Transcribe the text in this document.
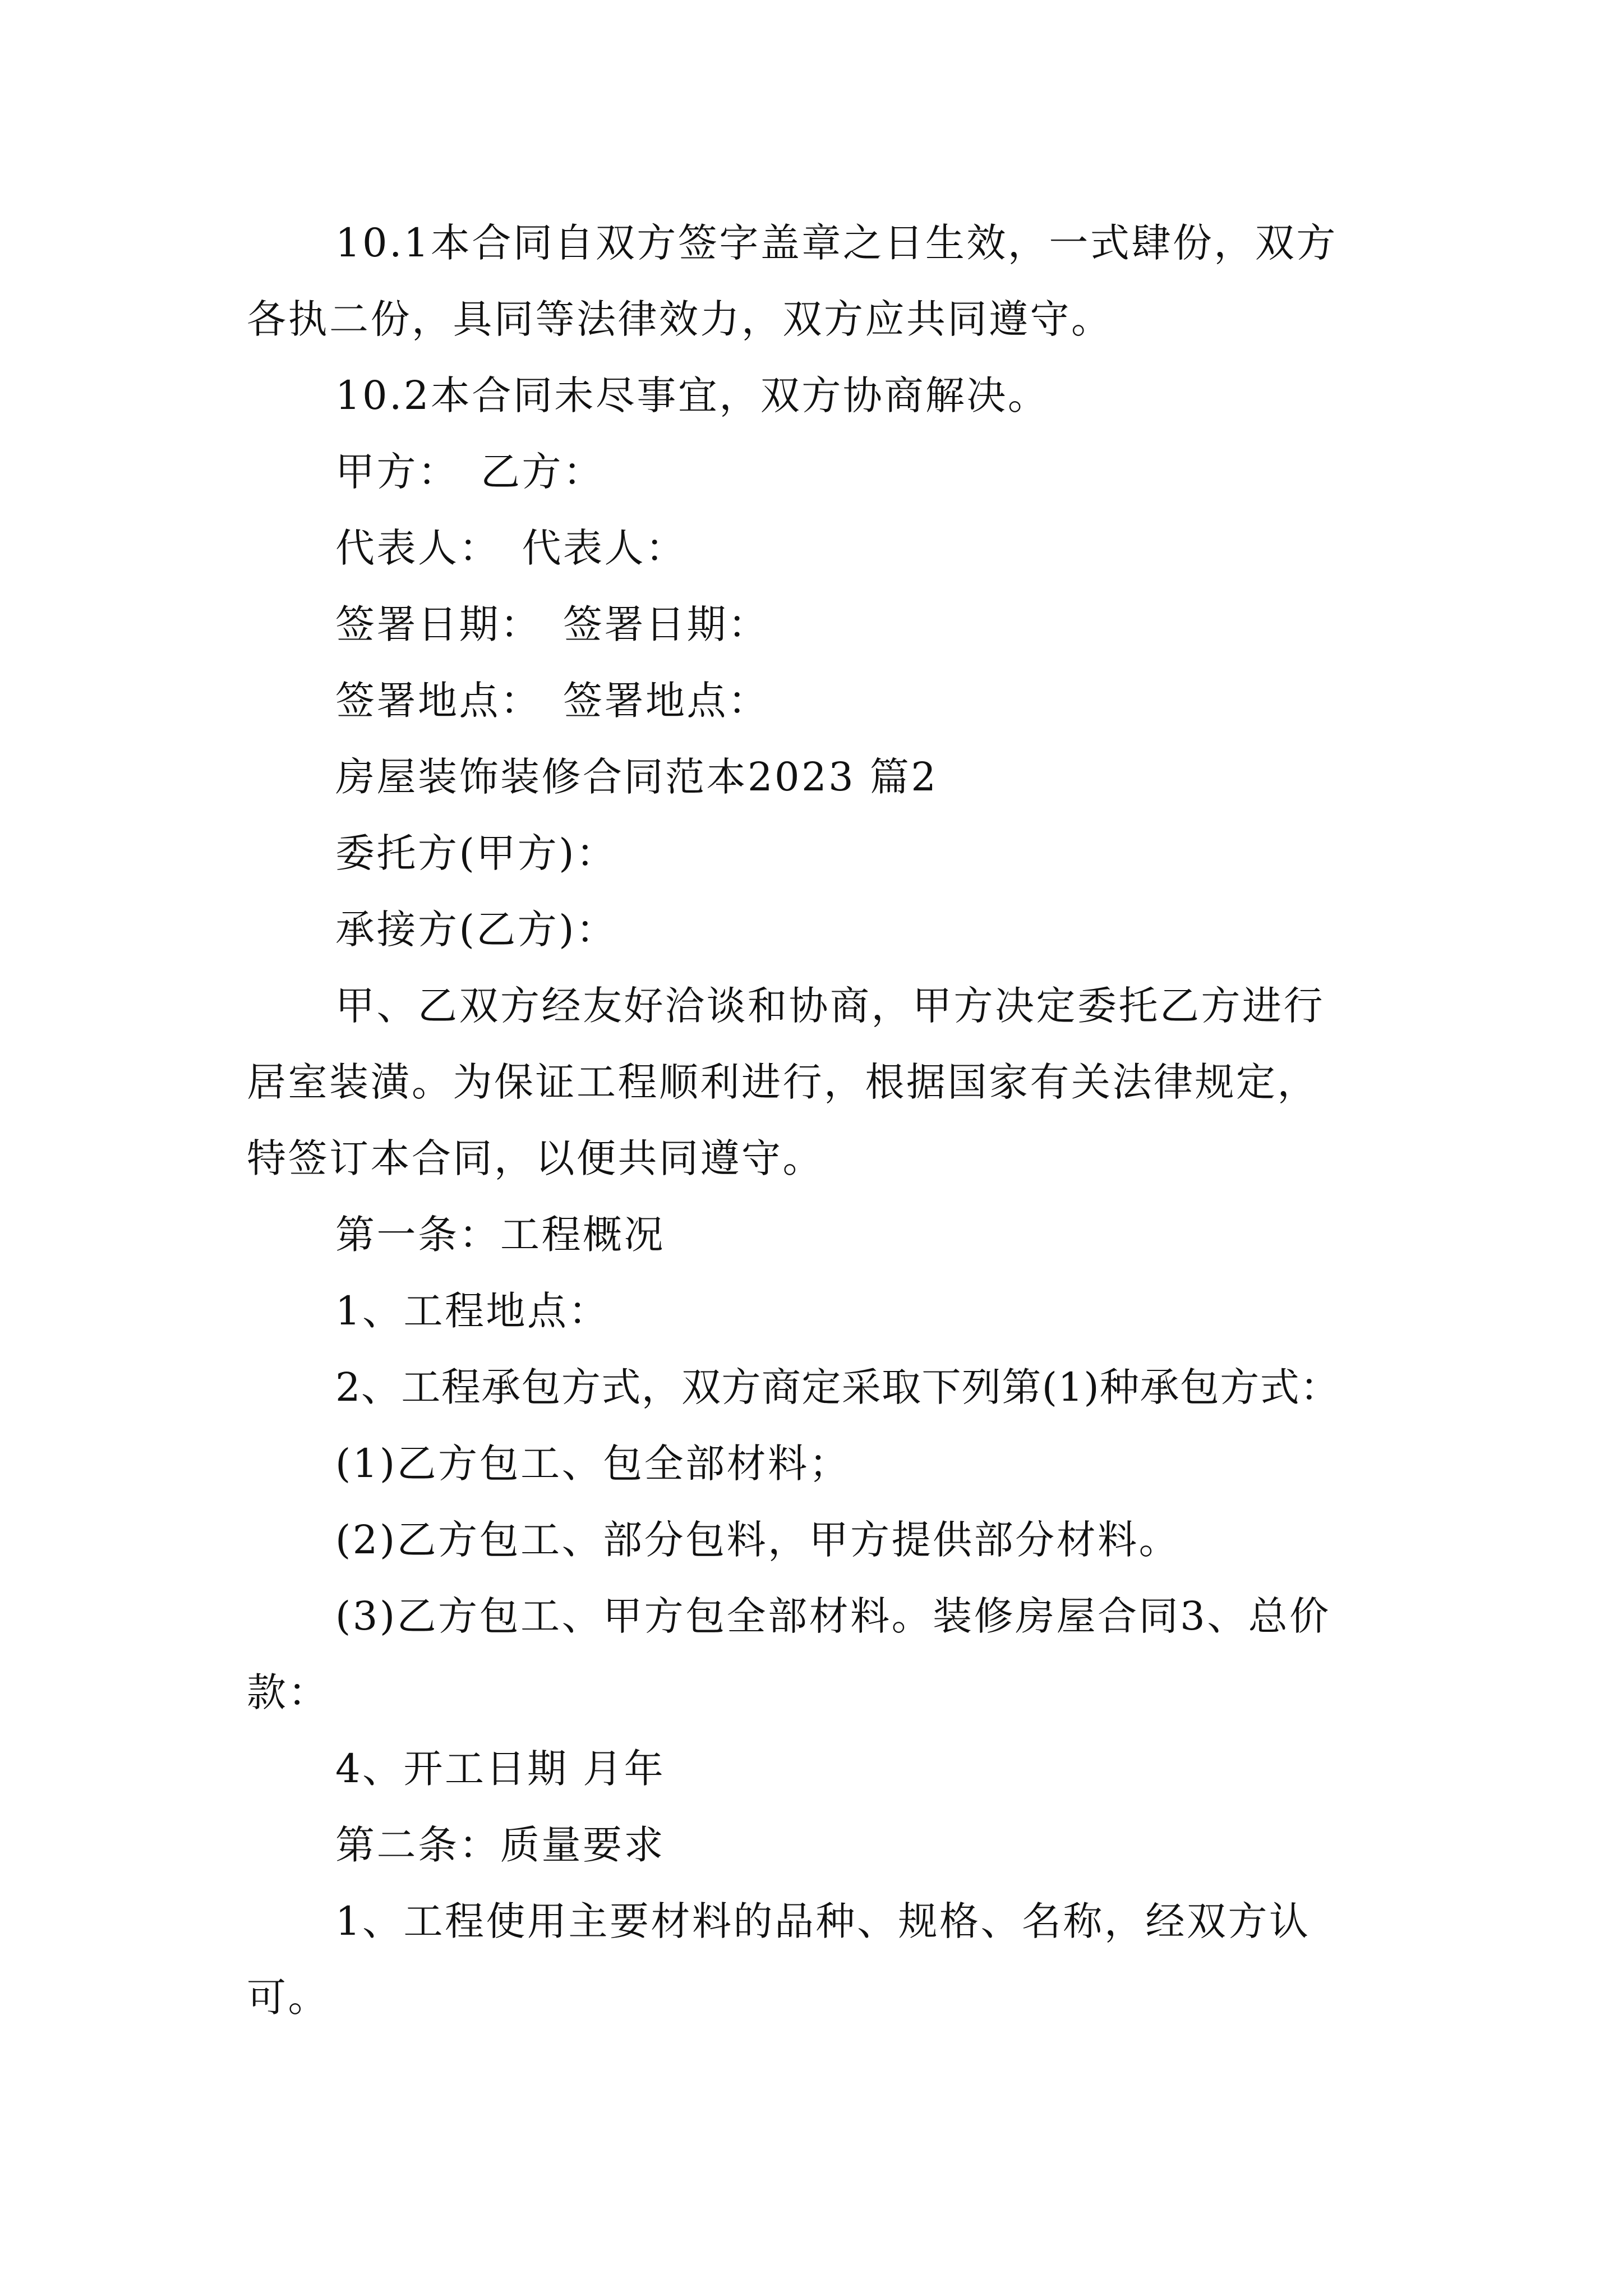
10.1本合同自双方签字盖章之日生效，一式肆份，双方

各执二份，具同等法律效力，双方应共同遵守。

10.2本合同未尽事宜，双方协商解决。

甲方：　乙方：

代表人：　代表人：

签署日期：　签署日期：

签署地点：　签署地点：

房屋装饰装修合同范本2023 篇2

委托方(甲方)：

承接方(乙方)：

甲、乙双方经友好洽谈和协商，甲方决定委托乙方进行

居室装潢。为保证工程顺利进行，根据国家有关法律规定，

特签订本合同，以便共同遵守。

第一条：工程概况

1、工程地点：

2、工程承包方式，双方商定采取下列第(1)种承包方式：

(1)乙方包工、包全部材料；

(2)乙方包工、部分包料，甲方提供部分材料。

(3)乙方包工、甲方包全部材料。装修房屋合同3、总价

款：

4、开工日期 月年

第二条：质量要求

1、工程使用主要材料的品种、规格、名称，经双方认

可。
